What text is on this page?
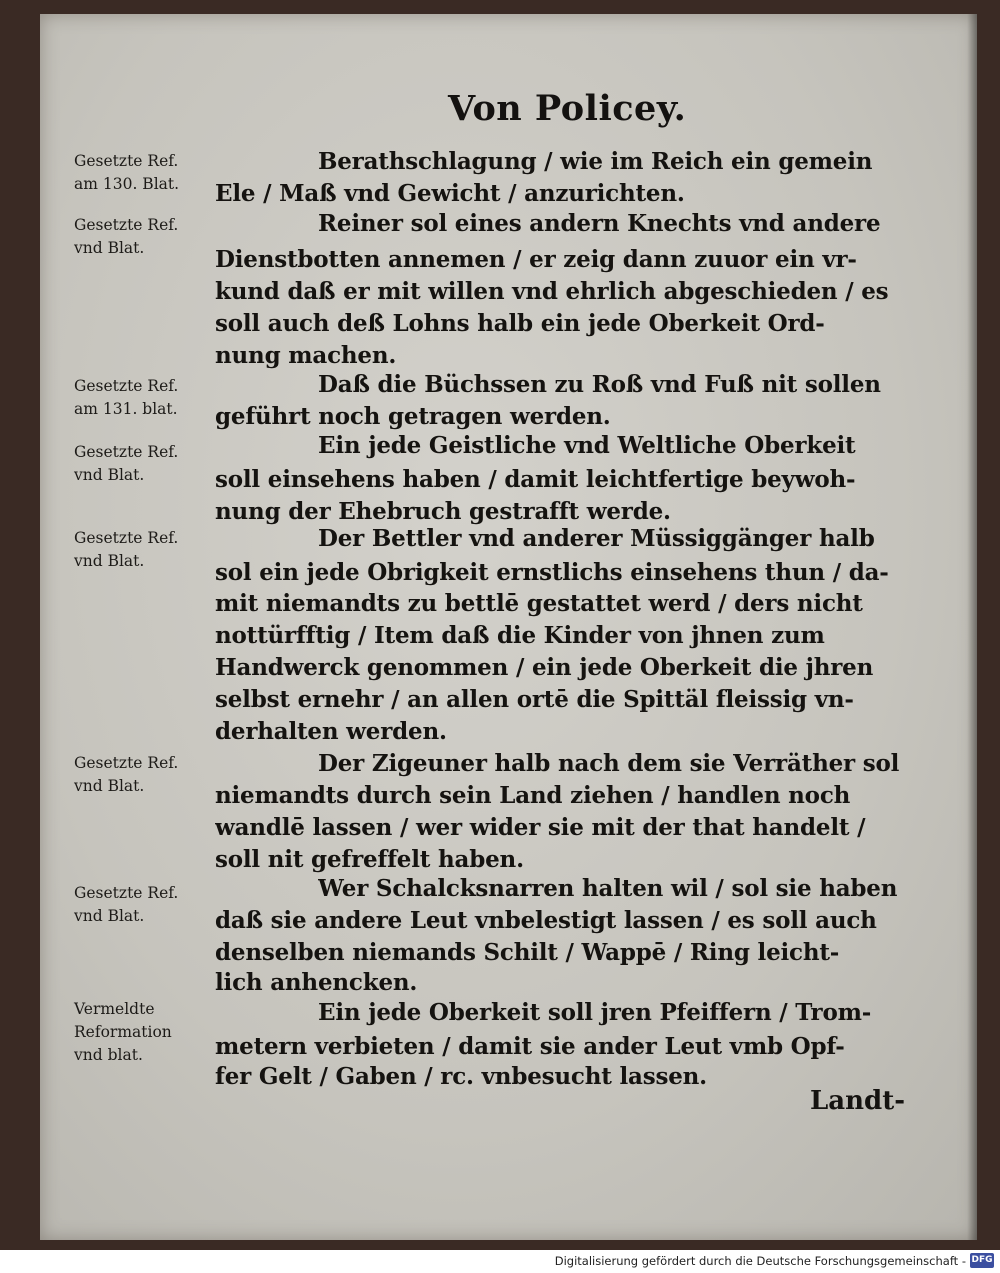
Von Policey.
Gesetzte Ref.
am 130. Blat.
Gesetzte Ref.
vnd Blat.
Gesetzte Ref.
am 131. blat.
Gesetzte Ref.
vnd Blat.
Gesetzte Ref.
vnd Blat.
Gesetzte Ref.
vnd Blat.
Gesetzte Ref.
vnd Blat.
Vermeldte
Reformation
vnd blat.
Berathschlagung / wie im Reich ein gemein
Ele / Maß vnd Gewicht / anzurichten.
Reiner sol eines andern Knechts vnd andere
Dienstbotten annemen / er zeig dann zuuor ein vr-
kund daß er mit willen vnd ehrlich abgeschieden / es
soll auch deß Lohns halb ein jede Oberkeit Ord-
nung machen.
Daß die Büchssen zu Roß vnd Fuß nit sollen
geführt noch getragen werden.
Ein jede Geistliche vnd Weltliche Oberkeit
soll einsehens haben / damit leichtfertige beywoh-
nung der Ehebruch gestrafft werde.
Der Bettler vnd anderer Müssiggänger halb
sol ein jede Obrigkeit ernstlichs einsehens thun / da-
mit niemandts zu bettlē gestattet werd / ders nicht
nottürfftig / Item daß die Kinder von jhnen zum
Handwerck genommen / ein jede Oberkeit die jhren
selbst ernehr / an allen ortē die Spittäl fleissig vn-
derhalten werden.
Der Zigeuner halb nach dem sie Verräther sol
niemandts durch sein Land ziehen / handlen noch
wandlē lassen / wer wider sie mit der that handelt /
soll nit gefreffelt haben.
Wer Schalcksnarren halten wil / sol sie haben
daß sie andere Leut vnbelestigt lassen / es soll auch
denselben niemands Schilt / Wappē / Ring leicht-
lich anhencken.
Ein jede Oberkeit soll jren Pfeiffern / Trom-
metern verbieten / damit sie ander Leut vmb Opf-
fer Gelt / Gaben / rc. vnbesucht lassen.
Landt-
Digitalisierung gefördert durch die Deutsche Forschungsgemeinschaft - DFG
